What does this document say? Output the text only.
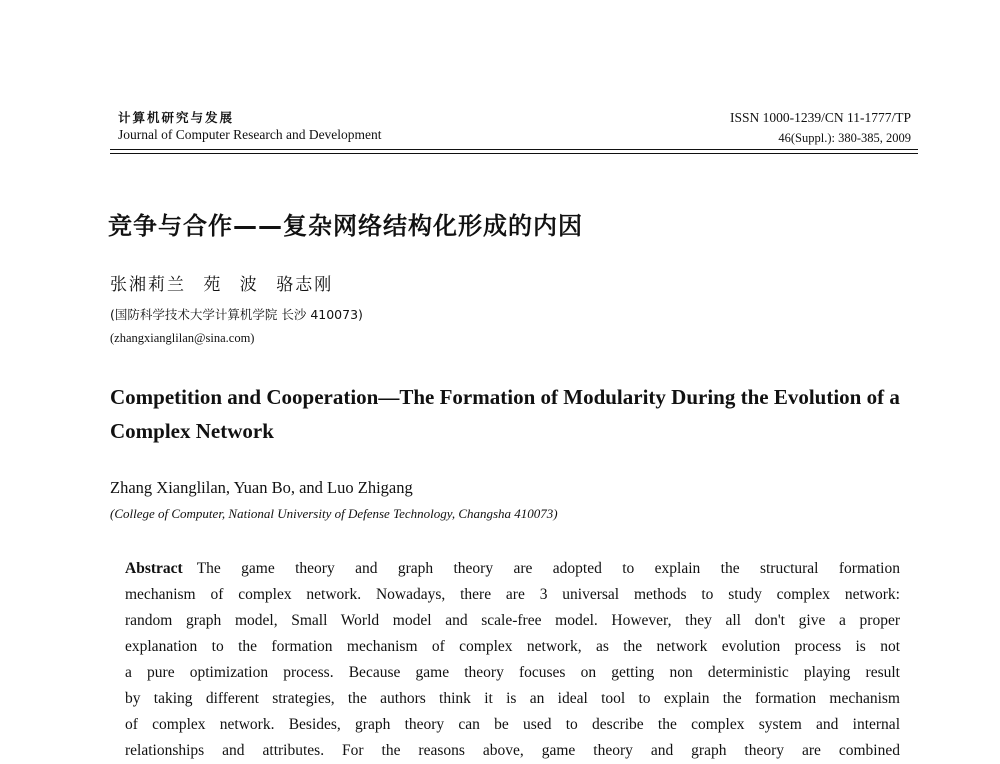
计算机研究与发展
Journal of Computer Research and Development
ISSN 1000-1239/CN 11-1777/TP
46(Suppl.): 380-385, 2009
竞争与合作——复杂网络结构化形成的内因
张湘莉兰 苑 波 骆志刚
(国防科学技术大学计算机学院 长沙 410073)
(zhangxianglilan@sina.com)
Competition and Cooperation—The Formation of Modularity During the Evolution of a Complex Network
Zhang Xianglilan, Yuan Bo, and Luo Zhigang
(College of Computer, National University of Defense Technology, Changsha 410073)
Abstract The game theory and graph theory are adopted to explain the structural formation
mechanism of complex network. Nowadays, there are 3 universal methods to study complex network:
random graph model, Small World model and scale-free model. However, they all don't give a proper
explanation to the formation mechanism of complex network, as the network evolution process is not
a pure optimization process. Because game theory focuses on getting non deterministic playing result
by taking different strategies, the authors think it is an ideal tool to explain the formation mechanism
of complex network. Besides, graph theory can be used to describe the complex system and internal
relationships and attributes. For the reasons above, game theory and graph theory are combined
